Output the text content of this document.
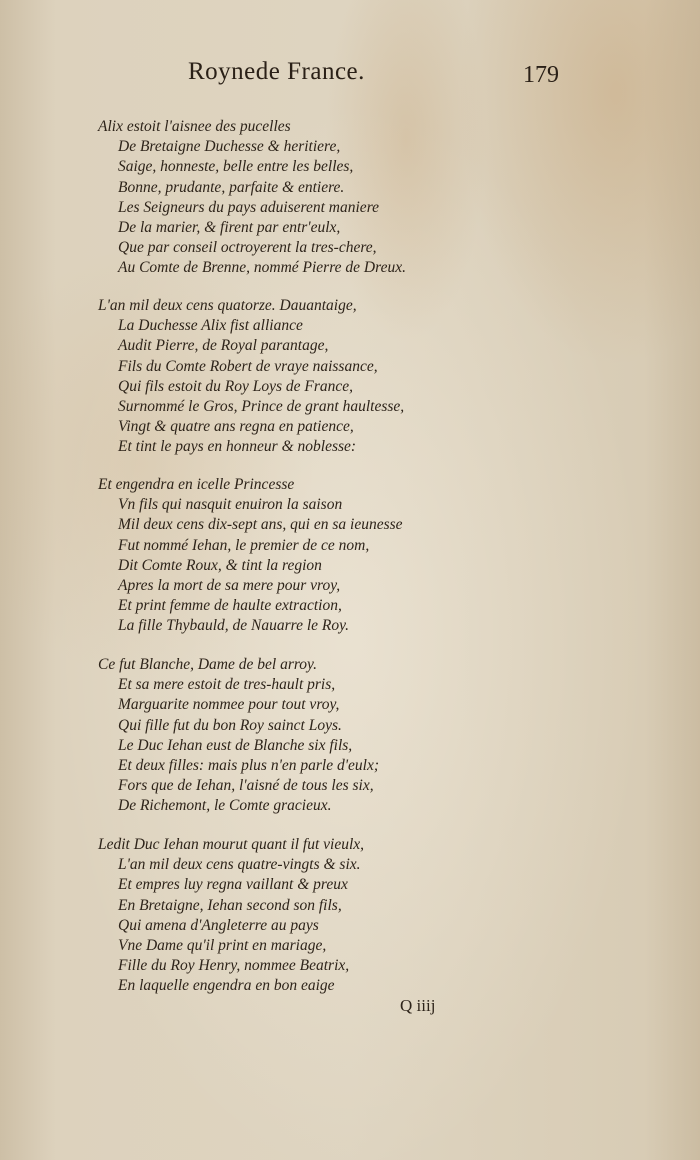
Roynede France.	179
Alix estoit l'aisnee des pucelles
De Bretaigne Duchesse & heritiere,
Saige, honneste, belle entre les belles,
Bonne, prudante, parfaite & entiere.
Les Seigneurs du pays aduiserent maniere
De la marier, & firent par entr'eulx,
Que par conseil octroyerent la tres-chere,
Au Comte de Brenne, nommé Pierre de Dreux.
L'an mil deux cens quatorze. Dauantaige,
La Duchesse Alix fist alliance
Audit Pierre, de Royal parantage,
Fils du Comte Robert de vraye naissance,
Qui fils estoit du Roy Loys de France,
Surnommé le Gros, Prince de grant haultesse,
Vingt & quatre ans regna en patience,
Et tint le pays en honneur & noblesse:
Et engendra en icelle Princesse
Vn fils qui nasquit enuiron la saison
Mil deux cens dix-sept ans, qui en sa ieunesse
Fut nommé Iehan, le premier de ce nom,
Dit Comte Roux, & tint la region
Apres la mort de sa mere pour vroy,
Et print femme de haulte extraction,
La fille Thybauld, de Nauarre le Roy.
Ce fut Blanche, Dame de bel arroy.
Et sa mere estoit de tres-hault pris,
Marguarite nommee pour tout vroy,
Qui fille fut du bon Roy sainct Loys.
Le Duc Iehan eust de Blanche six fils,
Et deux filles: mais plus n'en parle d'eulx;
Fors que de Iehan, l'aisné de tous les six,
De Richemont, le Comte gracieux.
Ledit Duc Iehan mourut quant il fut vieulx,
L'an mil deux cens quatre-vingts & six.
Et empres luy regna vaillant & preux
En Bretaigne, Iehan second son fils,
Qui amena d'Angleterre au pays
Vne Dame qu'il print en mariage,
Fille du Roy Henry, nommee Beatrix,
En laquelle engendra en bon eaige
Q iiij
